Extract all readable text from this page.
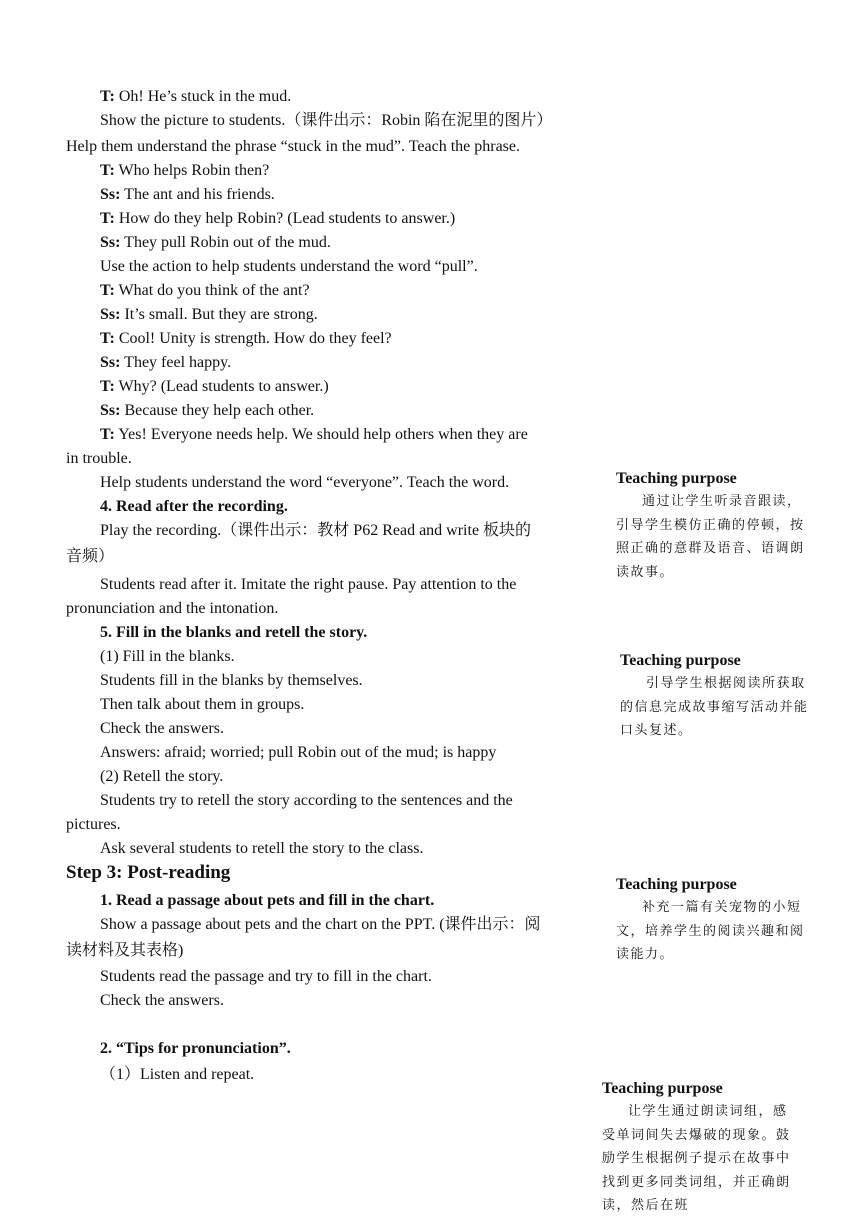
Step 3: Post-reading
T: Oh! He’s stuck in the mud.
Show the picture to students.（课件出示：Robin 陷在泥里的图片）
Help them understand the phrase “stuck in the mud”. Teach the phrase.
T: Who helps Robin then?
Ss: The ant and his friends.
T: How do they help Robin? (Lead students to answer.)
Ss: They pull Robin out of the mud.
Use the action to help students understand the word “pull”.
T: What do you think of the ant?
Ss: It’s small. But they are strong.
T: Cool! Unity is strength. How do they feel?
Ss: They feel happy.
T: Why? (Lead students to answer.)
Ss: Because they help each other.
T: Yes! Everyone needs help. We should help others when they are
in trouble.
Help students understand the word “everyone”. Teach the word.
4. Read after the recording.
Play the recording.（课件出示：教材 P62 Read and write 板块的
音频）
Students read after it. Imitate the right pause. Pay attention to the
pronunciation and the intonation.
5. Fill in the blanks and retell the story.
(1) Fill in the blanks.
Students fill in the blanks by themselves.
Then talk about them in groups.
Check the answers.
Answers: afraid; worried; pull Robin out of the mud; is happy
(2) Retell the story.
Students try to retell the story according to the sentences and the
pictures.
Ask several students to retell the story to the class.
1. Read a passage about pets and fill in the chart.
Show a passage about pets and the chart on the PPT. (课件出示：阅
读材料及其表格)
Students read the passage and try to fill in the chart.
Check the answers.
2. “Tips for pronunciation”.
（1）Listen and repeat.
Teaching purpose
通过让学生听录音跟读，引导学生模仿正确的停顿，按照正确的意群及语音、语调朗读故事。
Teaching purpose
引导学生根据阅读所获取的信息完成故事缩写活动并能口头复述。
Teaching purpose
补充一篇有关宠物的小短文，培养学生的阅读兴趣和阅读能力。
Teaching purpose
让学生通过朗读词组，感受单词间失去爆破的现象。鼓励学生根据例子提示在故事中找到更多同类词组，并正确朗读，然后在班
